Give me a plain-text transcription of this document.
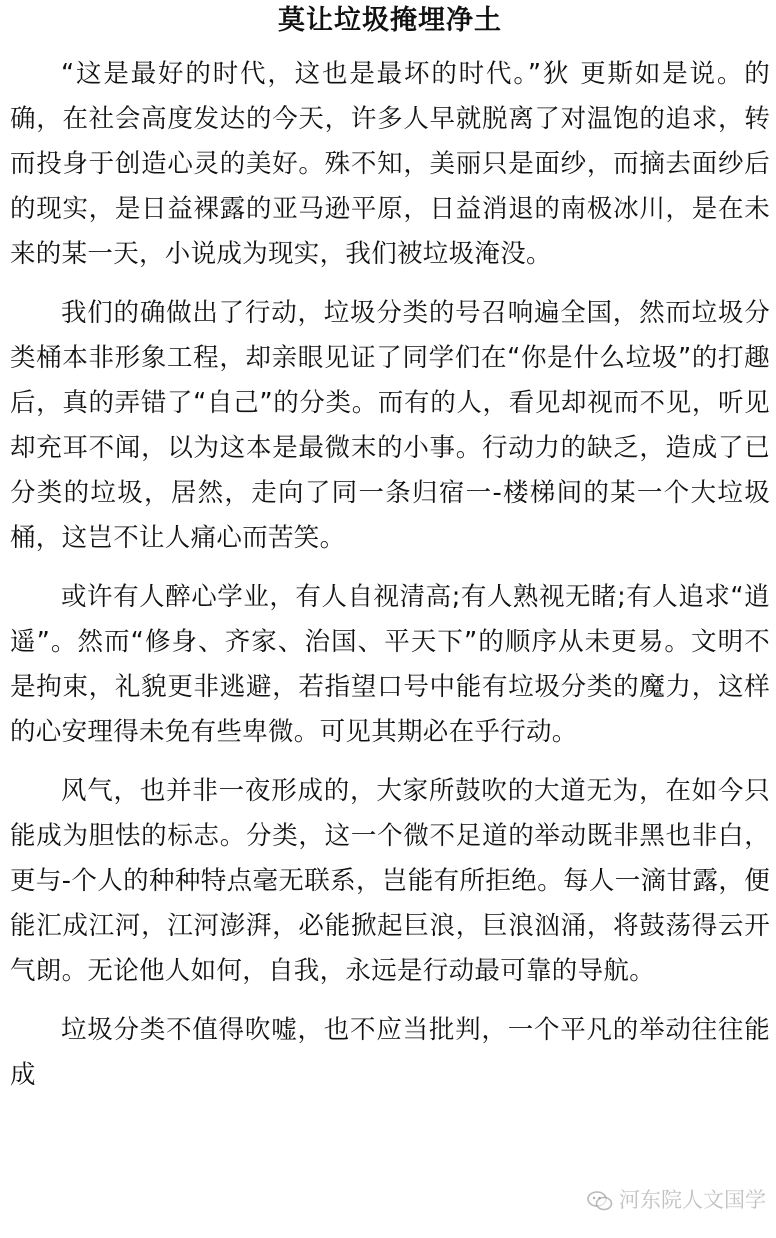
莫让垃圾掩埋净土

“这是最好的时代，这也是最坏的时代。”狄 更斯如是说。的确，在社会高度发达的今天，许多人早就脱离了对温饱的追求，转而投身于创造心灵的美好。殊不知，美丽只是面纱，而摘去面纱后的现实，是日益裸露的亚马逊平原，日益消退的南极冰川，是在未来的某一天，小说成为现实，我们被垃圾淹没。

我们的确做出了行动，垃圾分类的号召响遍全国，然而垃圾分类桶本非形象工程，却亲眼见证了同学们在“你是什么垃圾”的打趣后，真的弄错了“自己”的分类。而有的人，看见却视而不见，听见却充耳不闻，以为这本是最微末的小事。行动力的缺乏，造成了已分类的垃圾，居然，走向了同一条归宿一-楼梯间的某一个大垃圾桶，这岂不让人痛心而苦笑。

或许有人醉心学业，有人自视清高;有人熟视无睹;有人追求“逍遥”。然而“修身、齐家、治国、平天下”的顺序从未更易。文明不是拘束，礼貌更非逃避，若指望口号中能有垃圾分类的魔力，这样的心安理得未免有些卑微。可见其期必在乎行动。

风气，也并非一夜形成的，大家所鼓吹的大道无为，在如今只能成为胆怯的标志。分类，这一个微不足道的举动既非黑也非白，更与-个人的种种特点毫无联系，岂能有所拒绝。每人一滴甘露，便能汇成江河，江河澎湃，必能掀起巨浪，巨浪汹涌，将鼓荡得云开气朗。无论他人如何，自我，永远是行动最可靠的导航。

垃圾分类不值得吹嘘，也不应当批判，一个平凡的举动往往能成

河东院人文国学
